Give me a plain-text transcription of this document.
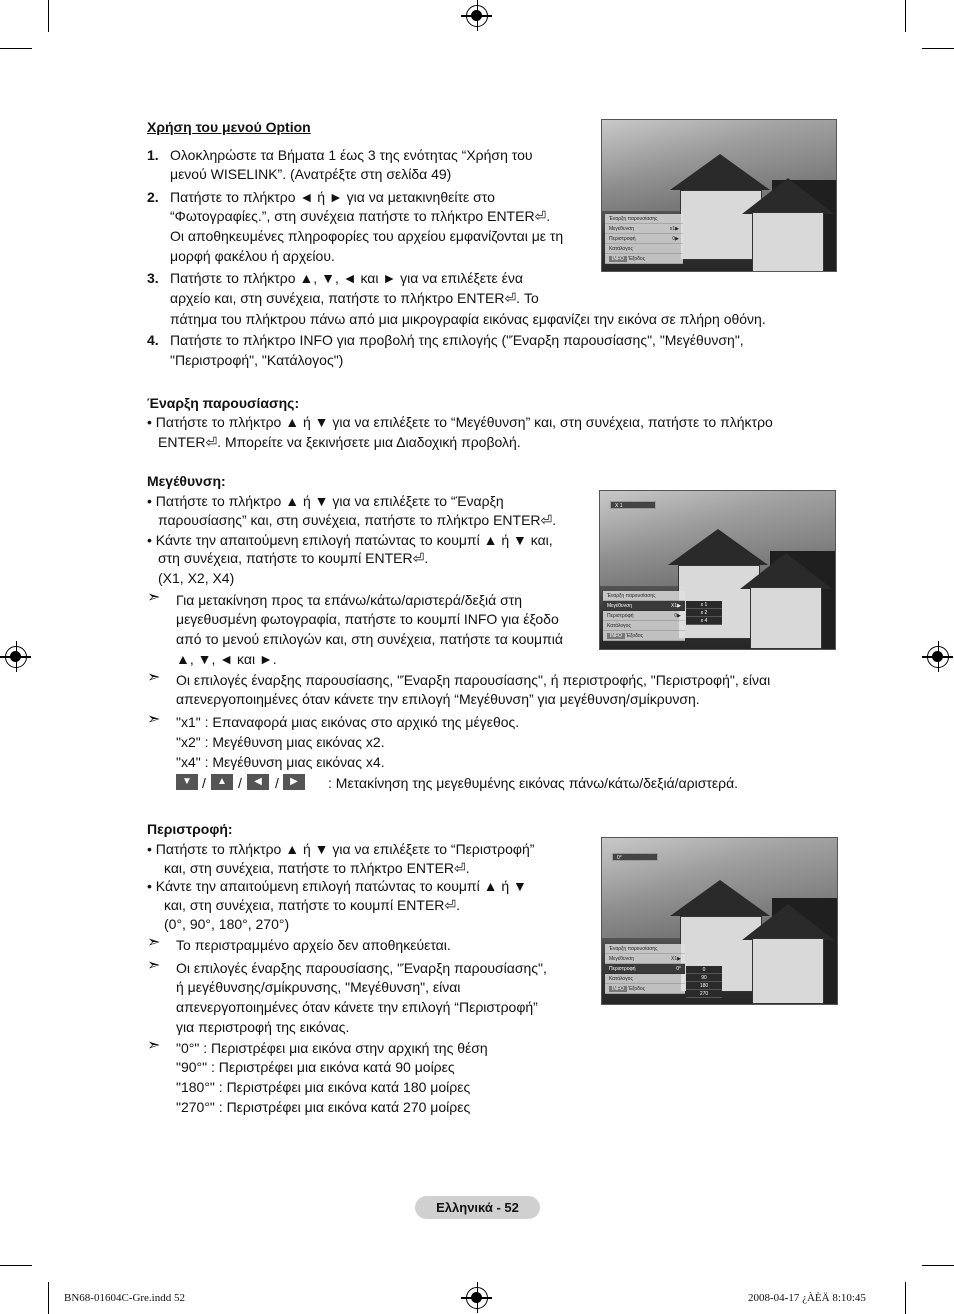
Χρήση του μενού Option
1. Ολοκληρώστε τα Βήματα 1 έως 3 της ενότητας “Χρήση του
μενού WISELINK”. (Ανατρέξτε στη σελίδα 49)
2. Πατήστε το πλήκτρο ◄ ή ► για να μετακινηθείτε στο
“Φωτογραφίες.”, στη συνέχεια πατήστε το πλήκτρο ENTER⏎.
Οι αποθηκευμένες πληροφορίες του αρχείου εμφανίζονται με τη
μορφή φακέλου ή αρχείου.
3. Πατήστε το πλήκτρο ▲, ▼, ◄ και ► για να επιλέξετε ένα
αρχείο και, στη συνέχεια, πατήστε το πλήκτρο ENTER⏎. Το
πάτημα του πλήκτρου πάνω από μια μικρογραφία εικόνας εμφανίζει την εικόνα σε πλήρη οθόνη.
4. Πατήστε το πλήκτρο INFO για προβολή της επιλογής ("Έναρξη παρουσίασης", "Μεγέθυνση",
"Περιστροφή", "Κατάλογος")
Έναρξη παρουσίασης:
• Πατήστε το πλήκτρο ▲ ή ▼ για να επιλέξετε το “Μεγέθυνση” και, στη συνέχεια, πατήστε το πλήκτρο
ENTER⏎. Μπορείτε να ξεκινήσετε μια Διαδοχική προβολή.
Μεγέθυνση:
• Πατήστε το πλήκτρο ▲ ή ▼ για να επιλέξετε το “Έναρξη
παρουσίασης” και, στη συνέχεια, πατήστε το πλήκτρο ENTER⏎.
• Κάντε την απαιτούμενη επιλογή πατώντας το κουμπί ▲ ή ▼ και,
στη συνέχεια, πατήστε το κουμπί ENTER⏎.
(X1, X2, X4)
➣ Για μετακίνηση προς τα επάνω/κάτω/αριστερά/δεξιά στη
μεγεθυσμένη φωτογραφία, πατήστε το κουμπί INFO για έξοδο
από το μενού επιλογών και, στη συνέχεια, πατήστε τα κουμπιά
▲, ▼, ◄ και ►.
➣ Οι επιλογές έναρξης παρουσίασης, "Έναρξη παρουσίασης", ή περιστροφής, "Περιστροφή", είναι
απενεργοποιημένες όταν κάνετε την επιλογή “Μεγέθυνση” για μεγέθυνση/σμίκρυνση.
➣ "x1" : Επαναφορά μιας εικόνας στο αρχικό της μέγεθος.
"x2" : Μεγέθυνση μιας εικόνας x2.
"x4" : Μεγέθυνση μιας εικόνας x4.
▼ /	▲ /	◀ /	▶	: Μετακίνηση της μεγεθυμένης εικόνας πάνω/κάτω/δεξιά/αριστερά.
Περιστροφή:
• Πατήστε το πλήκτρο ▲ ή ▼ για να επιλέξετε το “Περιστροφή”
και, στη συνέχεια, πατήστε το πλήκτρο ENTER⏎.
• Κάντε την απαιτούμενη επιλογή πατώντας το κουμπί ▲ ή ▼
και, στη συνέχεια, πατήστε το κουμπί ENTER⏎.
(0°, 90°, 180°, 270°)
➣ Το περιστραμμένο αρχείο δεν αποθηκεύεται.
➣ Οι επιλογές έναρξης παρουσίασης, "Έναρξη παρουσίασης",
ή μεγέθυνσης/σμίκρυνσης, "Μεγέθυνση", είναι
απενεργοποιημένες όταν κάνετε την επιλογή “Περιστροφή”
για περιστροφή της εικόνας.
➣ "0°" : Περιστρέφει μια εικόνα στην αρχική της θέση
"90°" : Περιστρέφει μια εικόνα κατά 90 μοίρες
"180°" : Περιστρέφει μια εικόνα κατά 180 μοίρες
"270°" : Περιστρέφει μια εικόνα κατά 270 μοίρες
Έναρξη παρουσίασης
Μεγέθυνση	x1▶
Περιστροφή	0▶
Κατάλογος
INFO Έξοδος
X 1
Έναρξη παρουσίασης
Μεγέθυνση	X1▶
Περιστροφή	0▶
Κατάλογος
INFO Έξοδος
x 1
x 2
x 4
0°
Έναρξη παρουσίασης
Μεγέθυνση	X1▶
Περιστροφή	0°
Κατάλογος
INFO Έξοδος
0
90
180
270
Ελληνικά - 52
BN68-01604C-Gre.indd 52	2008-04-17 ¿ÀÈÄ 8:10:45
